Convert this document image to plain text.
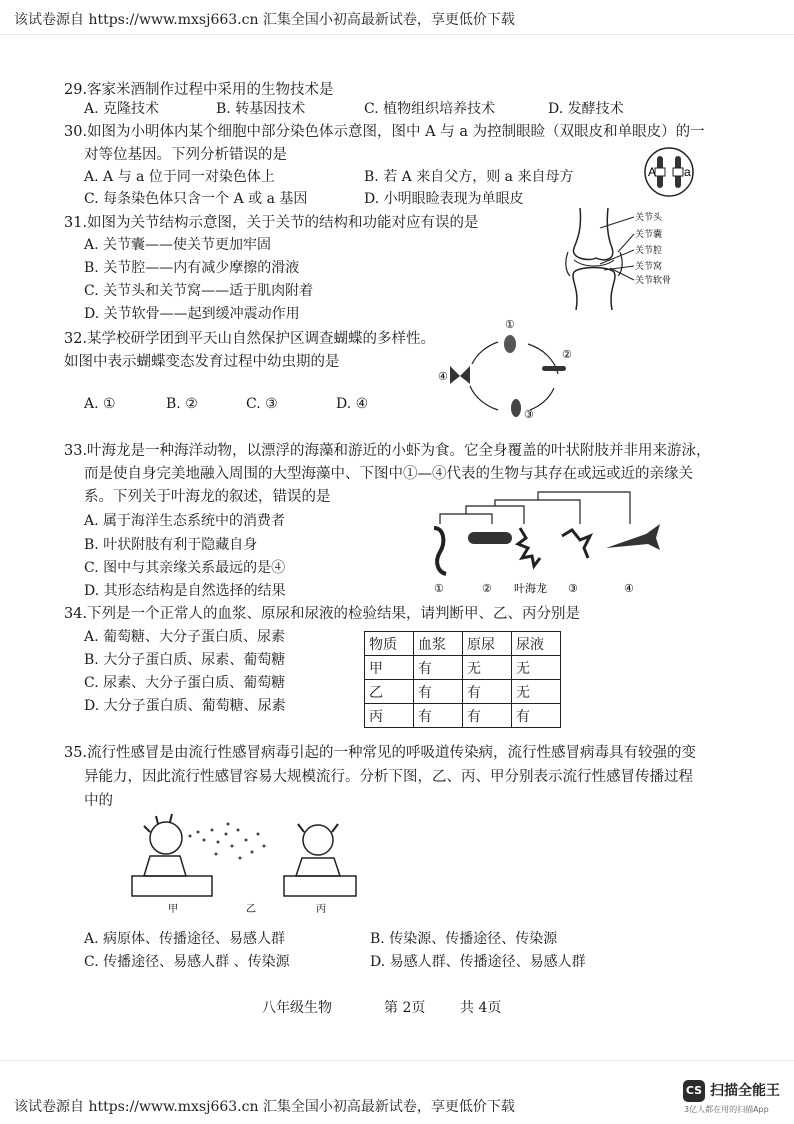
该试卷源自 https://www.mxsj663.cn 汇集全国小初高最新试卷，享更低价下载
29.客家米酒制作过程中采用的生物技术是
A. 克隆技术	B. 转基因技术	C. 植物组织培养技术	D. 发酵技术
30.如图为小明体内某个细胞中部分染色体示意图，图中 A 与 a 为控制眼睑（双眼皮和单眼皮）的一
对等位基因。下列分析错误的是
A. A 与 a 位于同一对染色体上	B. 若 A 来自父方，则 a 来自母方
C. 每条染色体只含一个 A 或 a 基因	D. 小明眼睑表现为单眼皮
A a
31.如图为关节结构示意图，关于关节的结构和功能对应有误的是
A. 关节囊——使关节更加牢固
B. 关节腔——内有减少摩擦的滑液
C. 关节头和关节窝——适于肌肉附着
D. 关节软骨——起到缓冲震动作用
关节头
关节囊
关节腔
关节窝
关节软骨
32.某学校研学团到平天山自然保护区调查蝴蝶的多样性。
如图中表示蝴蝶变态发育过程中幼虫期的是
A. ①	B. ②	C. ③	D. ④
①
②
③
④
33.叶海龙是一种海洋动物，以漂浮的海藻和游近的小虾为食。它全身覆盖的叶状附肢并非用来游泳，
而是使自身完美地融入周围的大型海藻中、下图中①—④代表的生物与其存在或远或近的亲缘关
系。下列关于叶海龙的叙述，错误的是
A. 属于海洋生态系统中的消费者
B. 叶状附肢有利于隐藏自身
C. 图中与其亲缘关系最远的是④
D. 其形态结构是自然选择的结果	①	② 叶海龙 ③	④
34.下列是一个正常人的血浆、原尿和尿液的检验结果，请判断甲、乙、丙分别是
A. 葡萄糖、大分子蛋白质、尿素
B. 大分子蛋白质、尿素、葡萄糖
C. 尿素、大分子蛋白质、葡萄糖
D. 大分子蛋白质、葡萄糖、尿素
物质	血浆	原尿	尿液
甲	有	无	无
乙	有	有	无
丙	有	有	有
35.流行性感冒是由流行性感冒病毒引起的一种常见的呼吸道传染病，流行性感冒病毒具有较强的变
异能力，因此流行性感冒容易大规模流行。分析下图，乙、丙、甲分别表示流行性感冒传播过程
中的
甲	乙	丙
A. 病原体、传播途径、易感人群	B. 传染源、传播途径、传染源
C. 传播途径、易感人群 、传染源	D. 易感人群、传播途径、易感人群
八年级生物	第 2页 共 4页
该试卷源自 https://www.mxsj663.cn 汇集全国小初高最新试卷，享更低价下载
CS 扫描全能王
3亿人都在用的扫描App
